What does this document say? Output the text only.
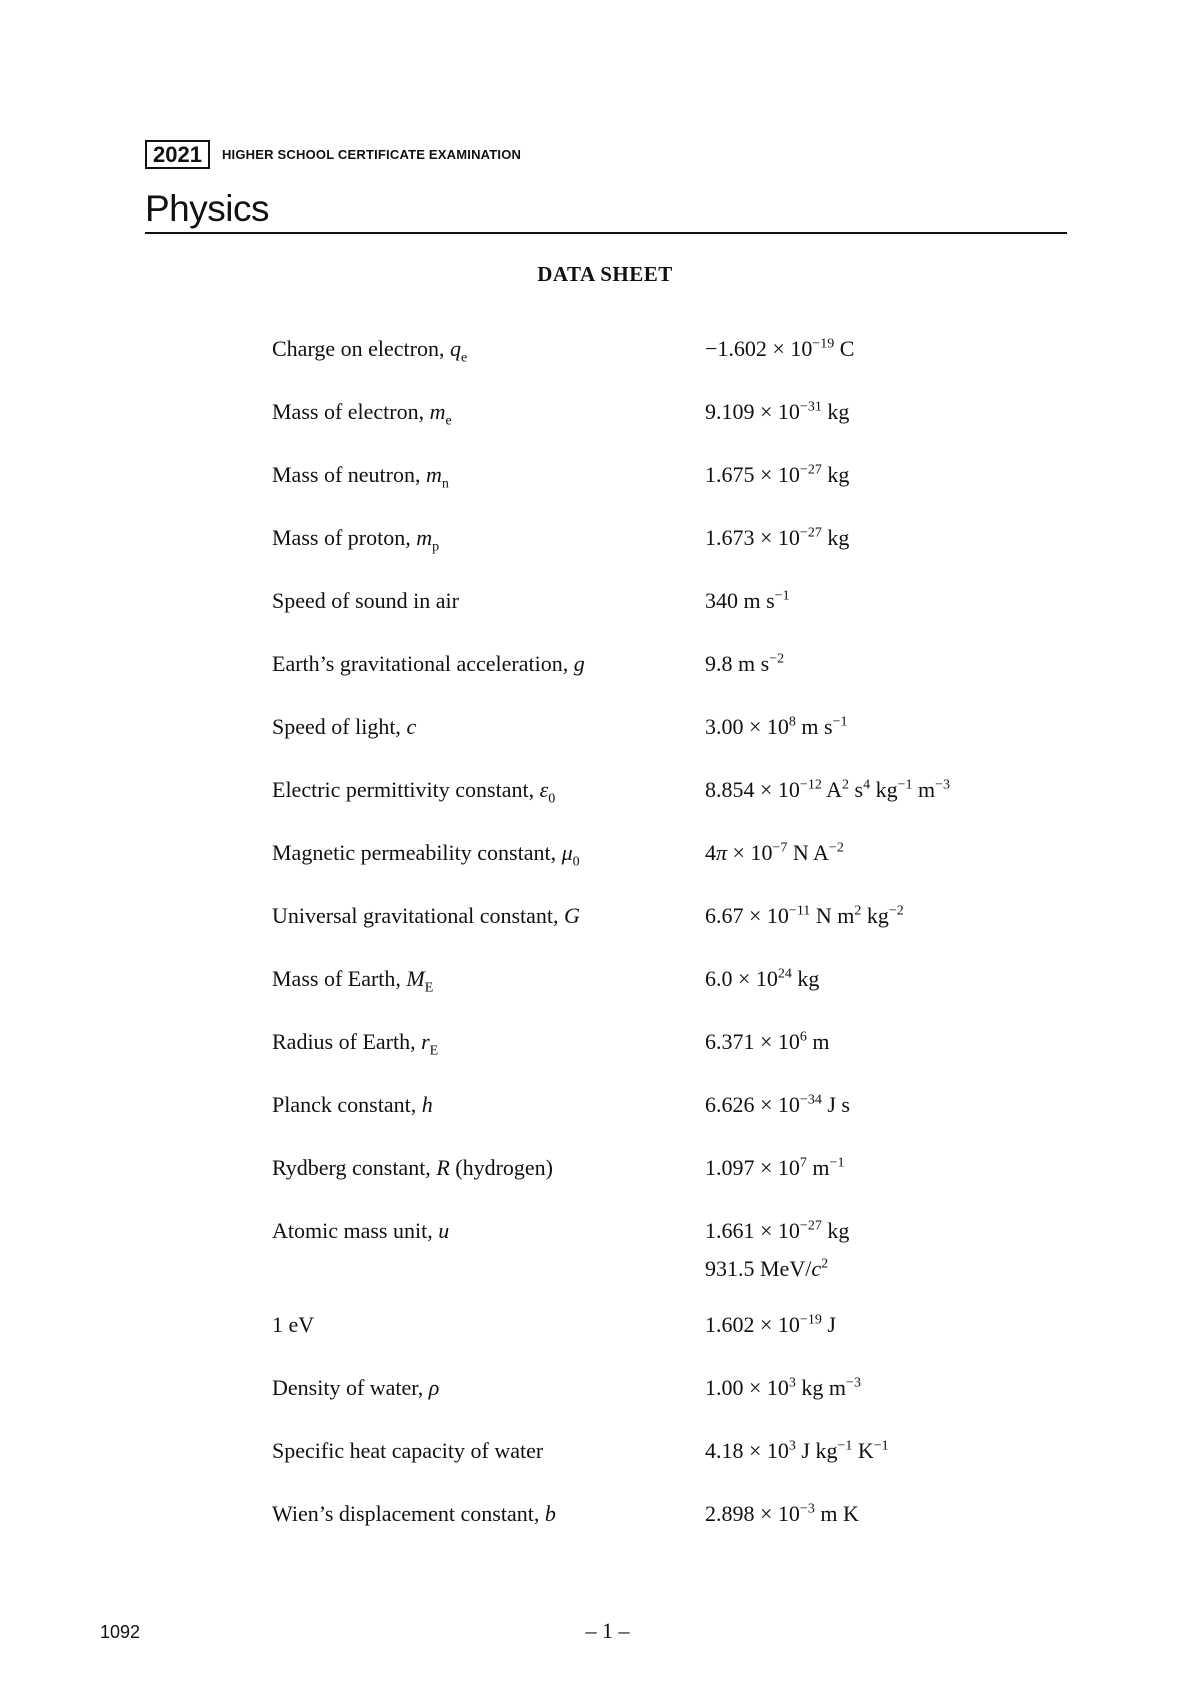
2021 HIGHER SCHOOL CERTIFICATE EXAMINATION
Physics
DATA SHEET
Charge on electron, $q_e$	$-1.602 \times 10^{-19}$ C
Mass of electron, $m_e$	$9.109 \times 10^{-31}$ kg
Mass of neutron, $m_n$	$1.675 \times 10^{-27}$ kg
Mass of proton, $m_p$	$1.673 \times 10^{-27}$ kg
Speed of sound in air	340 m $s^{-1}$
Earth’s gravitational acceleration, g	9.8 m $s^{-2}$
Speed of light, c	$3.00 \times 10^8$ m $s^{-1}$
Electric permittivity constant, $\varepsilon_0$	$8.854 \times 10^{-12}$ $A^2$ $s^4$ $kg^{-1}$ $m^{-3}$
Magnetic permeability constant, $\mu_0$	$4\pi \times 10^{-7}$ N $A^{-2}$
Universal gravitational constant, G	$6.67 \times 10^{-11}$ N $m^2$ $kg^{-2}$
Mass of Earth, $M_E$	$6.0 \times 10^{24}$ kg
Radius of Earth, $r_E$	$6.371 \times 10^6$ m
Planck constant, h	$6.626 \times 10^{-34}$ J s
Rydberg constant, R (hydrogen)	$1.097 \times 10^7$ $m^{-1}$
Atomic mass unit, u	$1.661 \times 10^{-27}$ kg
931.5 MeV/$c^2$
1 eV	$1.602 \times 10^{-19}$ J
Density of water, ρ	$1.00 \times 10^3$ kg $m^{-3}$
Specific heat capacity of water	$4.18 \times 10^3$ J $kg^{-1}$ $K^{-1}$
Wien’s displacement constant, b	$2.898 \times 10^{-3}$ m K
1092	– 1 –
